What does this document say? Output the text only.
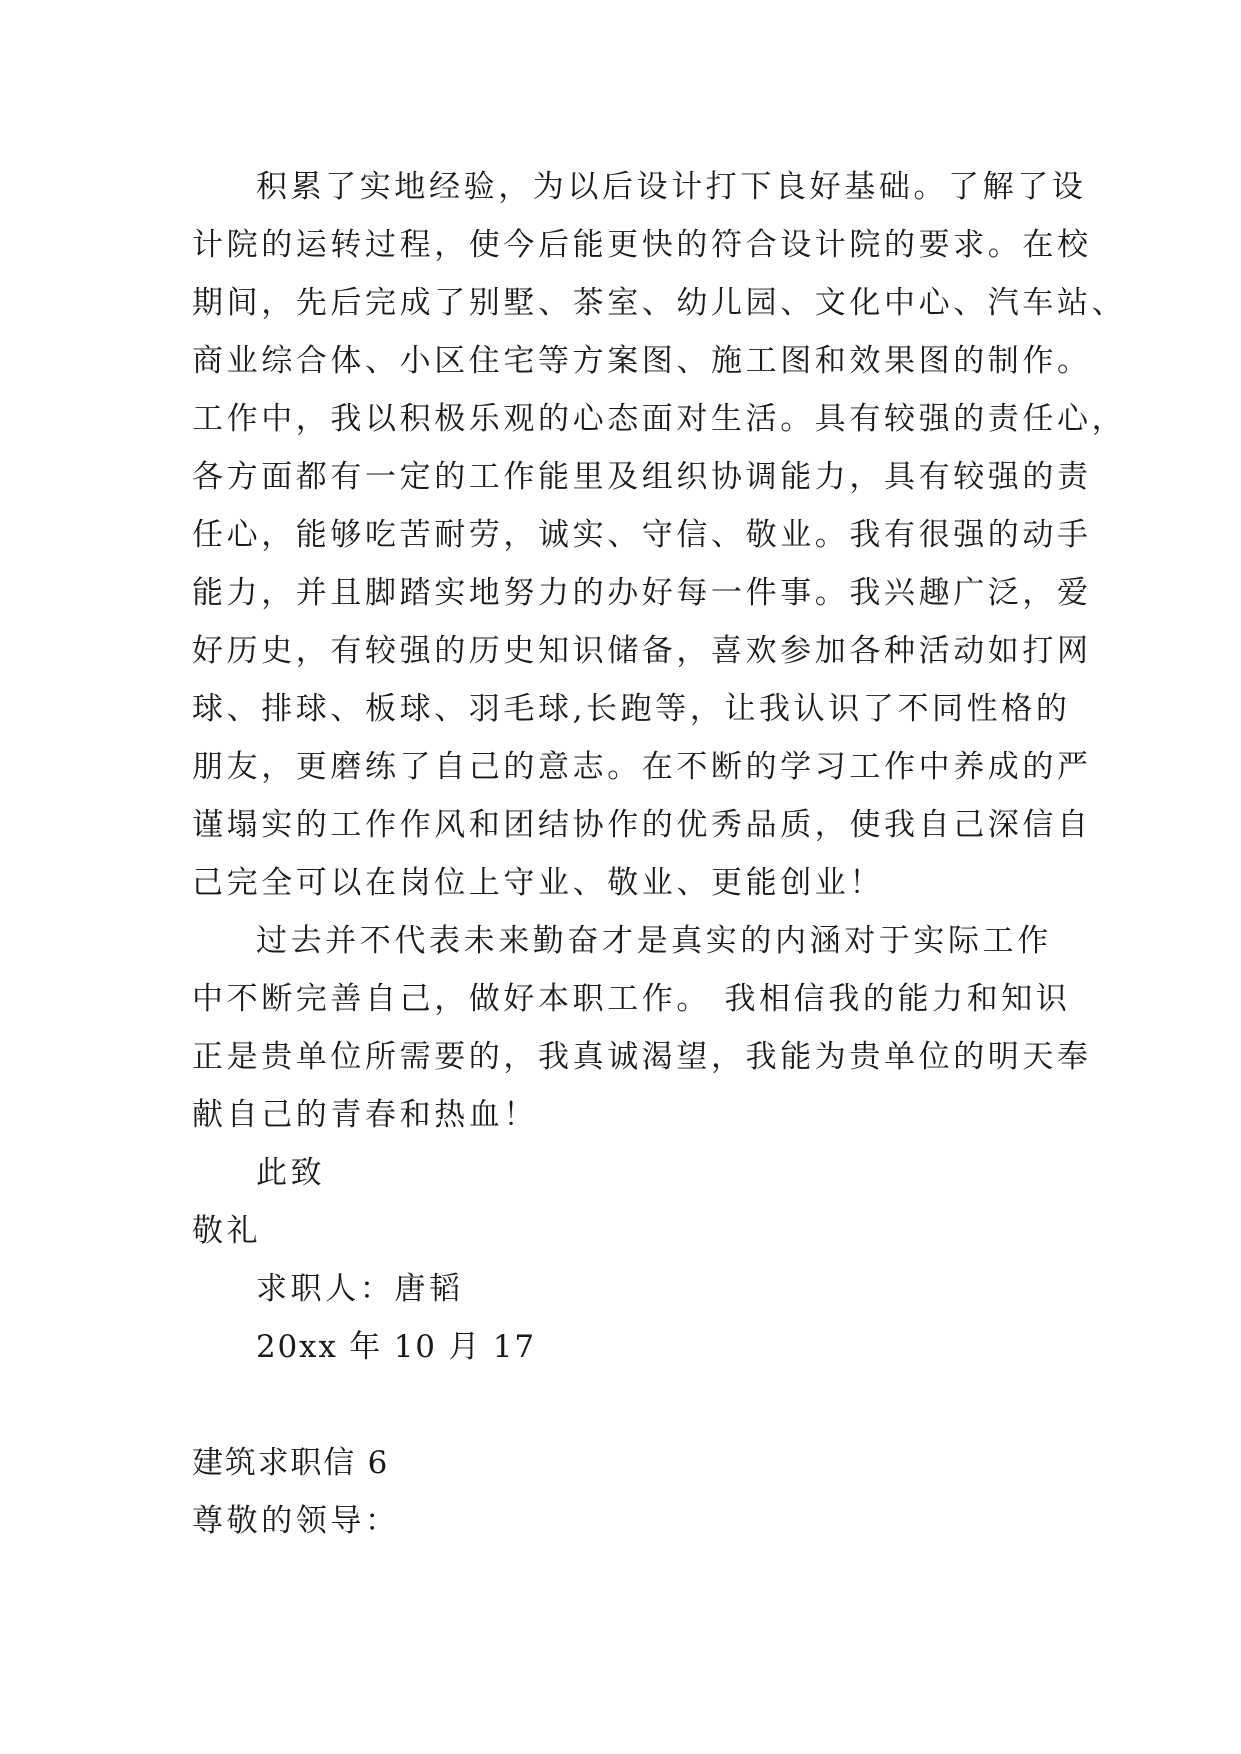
积累了实地经验，为以后设计打下良好基础。了解了设
计院的运转过程，使今后能更快的符合设计院的要求。在校
期间，先后完成了别墅、茶室、幼儿园、文化中心、汽车站、
商业综合体、小区住宅等方案图、施工图和效果图的制作。
工作中，我以积极乐观的心态面对生活。具有较强的责任心，
各方面都有一定的工作能里及组织协调能力，具有较强的责
任心，能够吃苦耐劳，诚实、守信、敬业。我有很强的动手
能力，并且脚踏实地努力的办好每一件事。我兴趣广泛，爱
好历史，有较强的历史知识储备，喜欢参加各种活动如打网
球、排球、板球、羽毛球,长跑等，让我认识了不同性格的
朋友，更磨练了自己的意志。在不断的学习工作中养成的严
谨塌实的工作作风和团结协作的优秀品质，使我自己深信自
己完全可以在岗位上守业、敬业、更能创业！
过去并不代表未来勤奋才是真实的内涵对于实际工作
中不断完善自己，做好本职工作。 我相信我的能力和知识
正是贵单位所需要的，我真诚渴望，我能为贵单位的明天奉
献自己的青春和热血！
此致
敬礼
求职人：唐韬
20xx 年 10 月 17
建筑求职信 6
尊敬的领导：
